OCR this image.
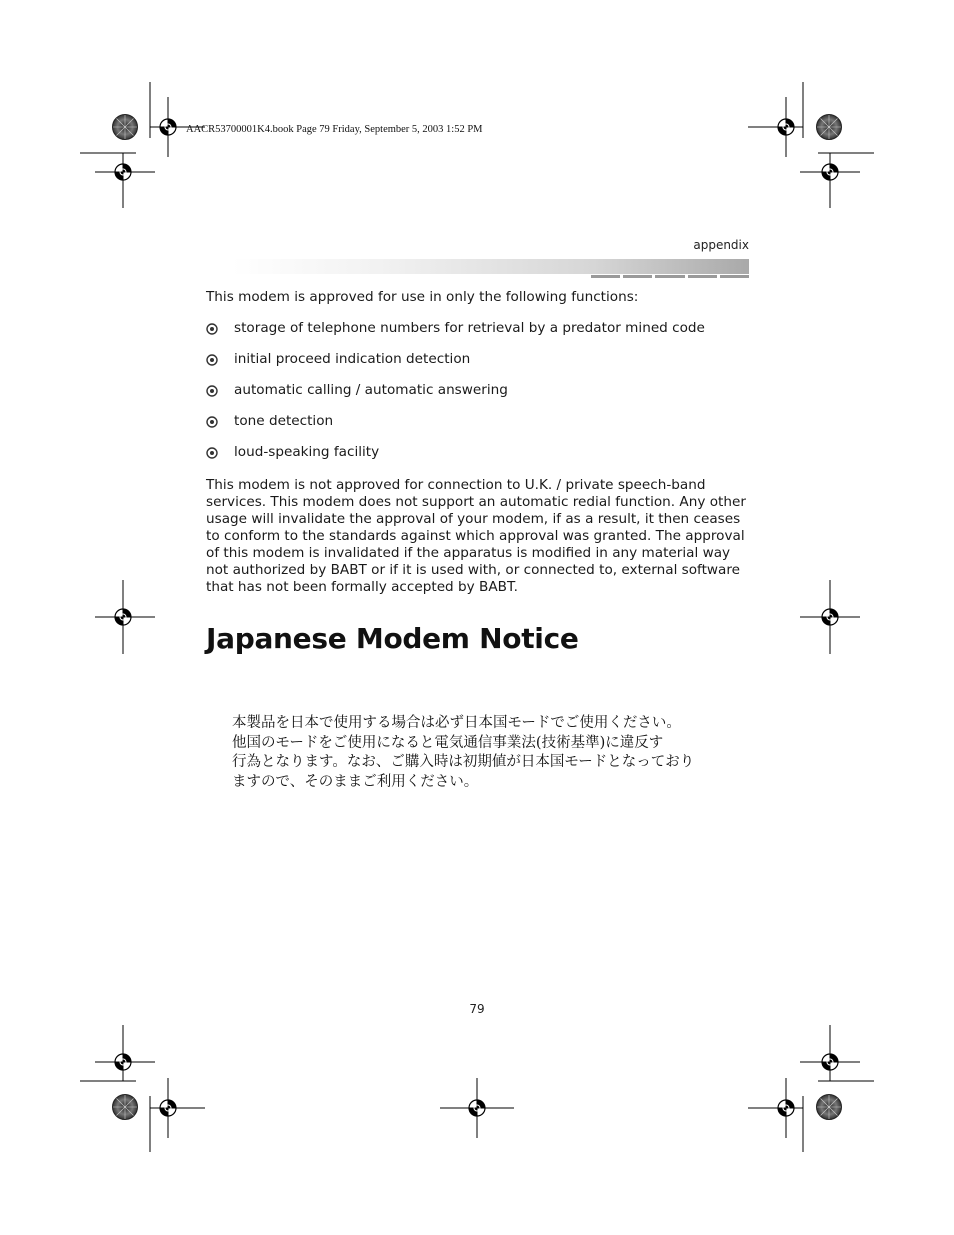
AACR53700001K4.book Page 79 Friday, September 5, 2003 1:52 PM
appendix
This modem is approved for use in only the following functions:
storage of telephone numbers for retrieval by a predator mined code
initial proceed indication detection
automatic calling / automatic answering
tone detection
loud-speaking facility
This modem is not approved for connection to U.K. / private speech-band services. This modem does not support an automatic redial function. Any other usage will invalidate the approval of your modem, if as a result, it then ceases to conform to the standards against which approval was granted. The approval of this modem is invalidated if the apparatus is modified in any material way not authorized by BABT or if it is used with, or connected to, external software that has not been formally accepted by BABT.
Japanese Modem Notice
本製品を日本で使用する場合は必ず日本国モードでご使用ください。
他国のモードをご使用になると電気通信事業法(技術基準)に違反す
行為となります。なお、ご購入時は初期値が日本国モードとなっており
ますので、そのままご利用ください。
79
